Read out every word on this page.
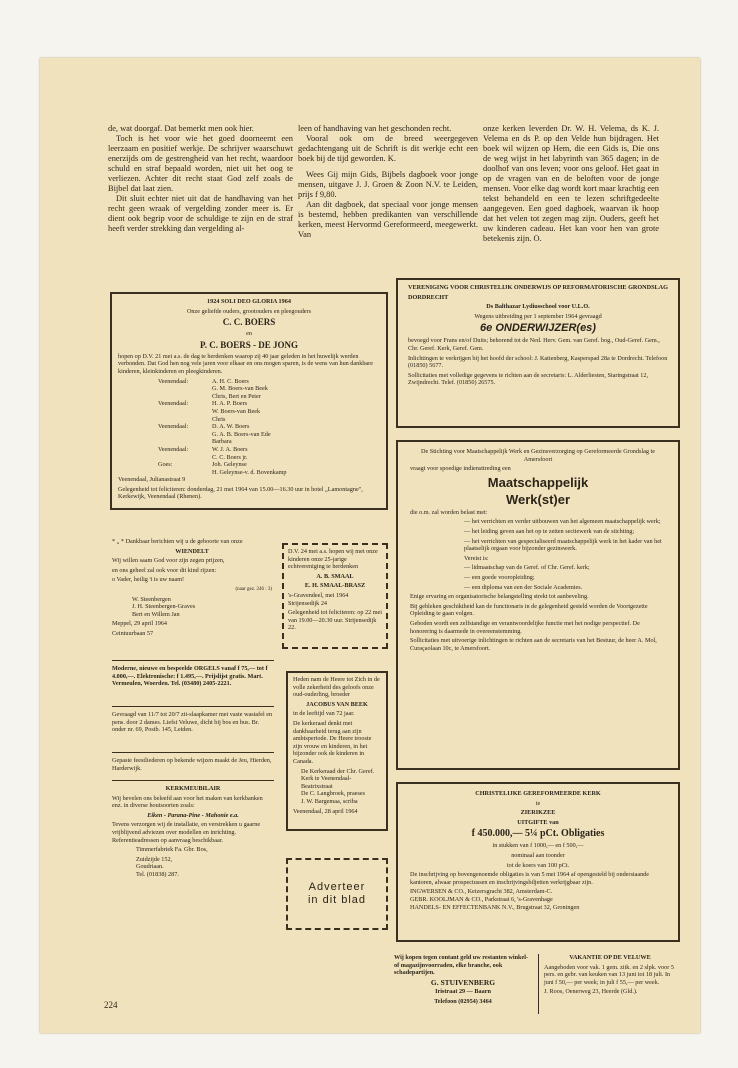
de, wat doorgaf. Dat bemerkt men ook hier.

Toch is het voor wie het goed doorneemt een leerzaam en positief werkje. De schrijver waarschuwt enerzijds om de gestrengheid van het recht, waardoor schuld en straf bepaald worden, niet uit het oog te verliezen. Achter dit recht staat God zelf zoals de Bijbel dat laat zien.

Dit sluit echter niet uit dat de handhaving van het recht geen wraak of vergelding zonder meer is. Er dient ook begrip voor de schuldige te zijn en de straf heeft verder strekking dan vergelding al-

leen of handhaving van het geschonden recht.

Vooral ook om de breed weergegeven gedachtengang uit de Schrift is dit werkje echt een boek bij de tijd geworden. K.

Wees Gij mijn Gids, Bijbels dagboek voor jonge mensen, uitgave J. J. Groen & Zoon N.V. te Leiden, prijs f 9,80.

Aan dit dagboek, dat speciaal voor jonge mensen is bestemd, hebben predikanten van verschillende kerken, meest Hervormd Gereformeerd, meegewerkt. Van

onze kerken leverden Dr. W. H. Velema, ds K. J. Velema en ds P. op den Velde hun bijdragen. Het boek wil wijzen op Hem, die een Gids is, Die ons de weg wijst in het labyrinth van 365 dagen; in de doolhof van ons leven; voor ons geloof. Het gaat in op de vragen van en de beloften voor de jonge mensen. Voor elke dag wordt kort maar krachtig een tekst behandeld en een te lezen schriftgedeelte aangegeven. Een goed dagboek, waarvan ik hoop dat het velen tot zegen mag zijn. Ouders, geeft het uw kinderen cadeau. Het kan voor hen van grote betekenis zijn. O.

1924 SOLI DEO GLORIA 1964

Onze geliefde ouders, grootouders en pleegouders

C. C. BOERS

en

P. C. BOERS - DE JONG

hopen op D.V. 21 mei a.s. de dag te herdenken waarop zij 40 jaar geleden in het huwelijk werden verbonden. Dat God hen nog vele jaren voor elkaar en ons mogen sparen, is de wens van hun dankbare kinderen, kleinkinderen en pleegkinderen.

Veenendaal:	A. H. C. Boers
G. M. Boers-van Beek
Chris, Bert en Peter
Veenendaal:	H. A. P. Boers
W. Boers-van Beek
Chris
Veenendaal:	D. A. W. Boers
G. A. B. Boers-van Ede
Barbara
Veenendaal:	W. J. A. Boers
C. C. Boers jr.
Goes:	Joh. Geleynse
H. Geleynse-v. d. Bovenkamp

Veenendaal, Julianastraat 9

Gelegenheid tot feliciteren: donderdag, 21 mei 1964 van 15.00—16.30 uur in hotel „Lamontagne", Kerkewijk, Veenendaal (Rhenen).

* „ * Dankbaar berichten wij u de geboorte van onze

WIENDELT

Wij willen saam God voor zijn zegen prijzen,

en ons geheel zal ook voor dit kind rijzen:

o Vader, heilig 't is uw naam!

(naar gez. 246 : 3)

W. Steenbergen
J. H. Steenbergen-Graves
Bert en Willem Jan

Meppel, 29 april 1964

Ceintuurbaan 57

D.V. 24 mei a.s. hopen wij met onze kinderen onze 25-jarige echtvereniging te herdenken

A. B. SMAAL

E. H. SMAAL-BRASZ

's-Gravendeel, mei 1964
Strijensedijk 24

Gelegenheid tot feliciteren: op 22 mei van 19.00—20.30 uur. Strijensedijk 22.

Moderne, nieuwe en bespeelde ORGELS vanaf f 75,— tot f 4.000,—. Elektronische: f 1.495,—. Prijslijst gratis. Mart. Vermeulen, Woerden. Tel. (03480) 2405-2221.

Gevraagd van 11/7 tot 20/7 zit-slaapkamer met vaste wastafel en pens. door 2 dames. Liefst Veluwe, dicht bij bos en bus. Br. onder nr. 69, Postb. 145, Leiden.

Gepaste feestliederen op bekende wijzen maakt de Jeu, Hierden, Harderwijk.

KERKMEUBILAIR

Wij bevelen ons beleefd aan voor het maken van kerkbanken enz. in diverse houtsoorten zoals:

Eiken - Parana-Pine - Mahonie e.a.

Tevens verzorgen wij de installatie, en verstrekken u gaarne vrijblijvend adviezen over modellen en inrichting. Referentieadressen op aanvraag beschikbaar.

Timmerfabriek Fa. Gbr. Bos,

Zuidzijde 152,
Goudriaan.
Tel. (01838) 287.

Heden nam de Heere tot Zich in de volle zekerheid des geloofs onze oud-ouderling, broeder

JACOBUS VAN BEEK

in de leeftijd van 72 jaar.

De kerkeraad denkt met dankbaarheid terug aan zijn ambtsperiode. De Heere trooste zijn vrouw en kinderen, in het bijzonder ook de kinderen in Canada.

De Kerkeraad der Chr. Geref. Kerk te Veenendaal-Beatrixstraat
De C. Langbroek, praeses
J. W. Bargemaa, scriba

Veenendaal, 28 april 1964

Adverteer
in dit blad

VERENIGING VOOR CHRISTELIJK ONDERWIJS OP REFORMATORISCHE GRONDSLAG

DORDRECHT

Ds Balthazar Lydiusschool voor U.L.O.

Wegens uitbreiding per 1 september 1964 gevraagd

6e ONDERWIJZER(es)

bevoegd voor Frans en/of Duits; behorend tot de Ned. Herv. Gem. van Geref. bog., Oud-Geref. Gem., Chr. Geref. Kerk, Geref. Gem.

Inlichtingen te verkrijgen bij het hoofd der school: J. Kattenberg, Kasperspad 28a te Dordrecht. Telefoon (01850) 5677.

Sollicitaties met volledige gegevens te richten aan de secretaris: L. Alderliesten, Staringstraat 12, Zwijndrecht. Telef. (01850) 26575.

De Stichting voor Maatschappelijk Werk en Gezinsverzorging op Gereformeerde Grondslag te Amersfoort

vraagt voor spoedige indiensttreding een

Maatschappelijk

Werk(st)er

die o.m. zal worden belast met:

— het verrichten en verder uitbouwen van het algemeen maatschappelijk werk;

— het leiding geven aan het op te zetten sectiewerk van de stichting;

— het verrichten van gespecialiseerd maatschappelijk werk in het kader van het plaatselijk orgaan voor bijzonder gezinswerk.

Vereist is:

— lidmaatschap van de Geref. of Chr. Geref. kerk;

— een goede vooropleiding;

— een diploma van een der Sociale Academies.

Enige ervaring en organisatorische belangstelling strekt tot aanbeveling.

Bij gebleken geschiktheid kan de functionaris in de gelegenheid gesteld worden de Voortgezette Opleiding te gaan volgen.

Geboden wordt een zelfstandige en verantwoordelijke functie met het nodige perspectief. De honorering is daarmede in overeenstemming.

Sollicitaties met uitvoerige inlichtingen te richten aan de secretaris van het Bestuur, de heer A. Mol, Curaçaolaan 10c, te Amersfoort.

CHRISTELIJKE GEREFORMEERDE KERK

te

ZIERIKZEE

UITGIFTE van

f 450.000,— 5¼ pCt. Obligaties

in stukken van f 1000,— en f 500,—

nominaal aan toonder

tot de koers van 100 pCt.

De inschrijving op bovengenoemde obligaties is van 5 mei 1964 af opengesteld bij onderstaande kantoren, alwaar prospectussen en inschrijvingsbiljetten verkrijgbaar zijn.

INGWERSEN & CO., Keizersgracht 382, Amsterdam-C.
GEBR. KOOLJMAN & CO., Parkstraat 6, 's-Gravenhage
HANDELS- EN EFFECTENBANK N.V., Brugstraat 32, Groningen

Wij kopen tegen contant geld uw restanten winkel- of magazijnvoorraden, elke branche, ook schadepartijen.

G. STUIVENBERG

Iristraat 29 — Baarn

Telefoon (02954) 3464

VAKANTIE OP DE VELUWE

Aangeboden voor vak. 1 gem. zitk. en 2 slpk. voor 5 pers. en gebr. van keuken van 13 juni tot 18 juli. In juni f 50,— per week; in juli f 55,— per week.

J. Roos, Oenerweg 23, Heerde (Gld.).

224
